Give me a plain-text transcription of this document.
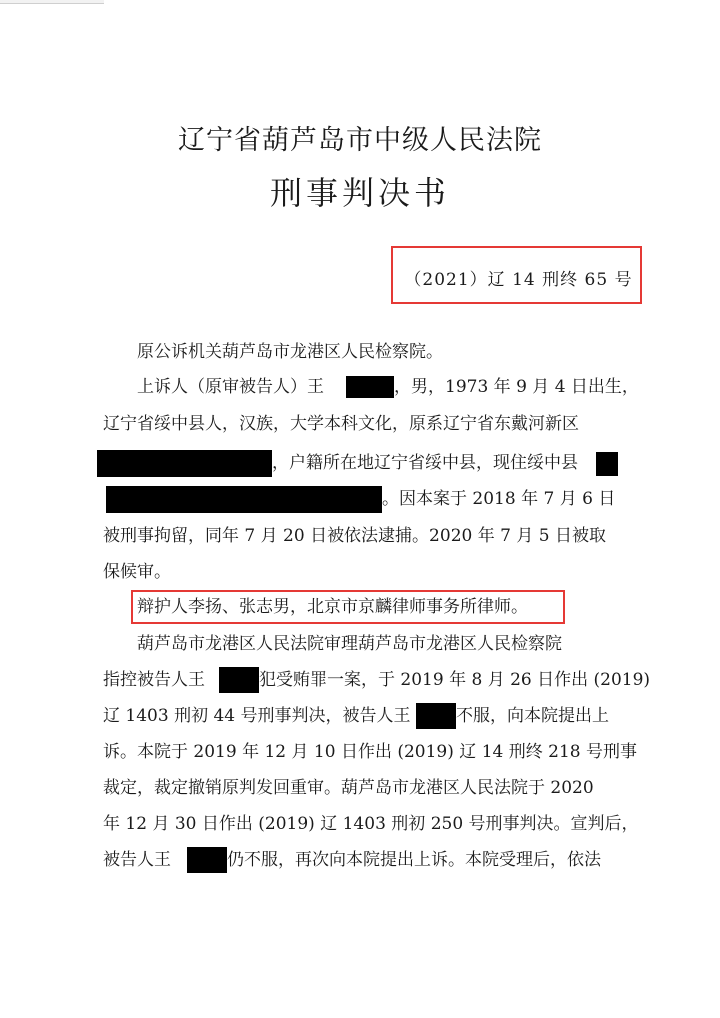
辽宁省葫芦岛市中级人民法院
刑事判决书
（2021）辽 14 刑终 65 号
原公诉机关葫芦岛市龙港区人民检察院。
上诉人（原审被告人）王	，男，1973 年 9 月 4 日出生，
辽宁省绥中县人，汉族，大学本科文化，原系辽宁省东戴河新区
，户籍所在地辽宁省绥中县，现住绥中县
。因本案于 2018 年 7 月 6 日
被刑事拘留，同年 7 月 20 日被依法逮捕。2020 年 7 月 5 日被取
保候审。
辩护人李扬、张志男，北京市京麟律师事务所律师。
葫芦岛市龙港区人民法院审理葫芦岛市龙港区人民检察院
指控被告人王	犯受贿罪一案，于 2019 年 8 月 26 日作出 (2019)
辽 1403 刑初 44 号刑事判决，被告人王	不服，向本院提出上
诉。本院于 2019 年 12 月 10 日作出 (2019) 辽 14 刑终 218 号刑事
裁定，裁定撤销原判发回重审。葫芦岛市龙港区人民法院于 2020
年 12 月 30 日作出 (2019) 辽 1403 刑初 250 号刑事判决。宣判后，
被告人王	仍不服，再次向本院提出上诉。本院受理后，依法
